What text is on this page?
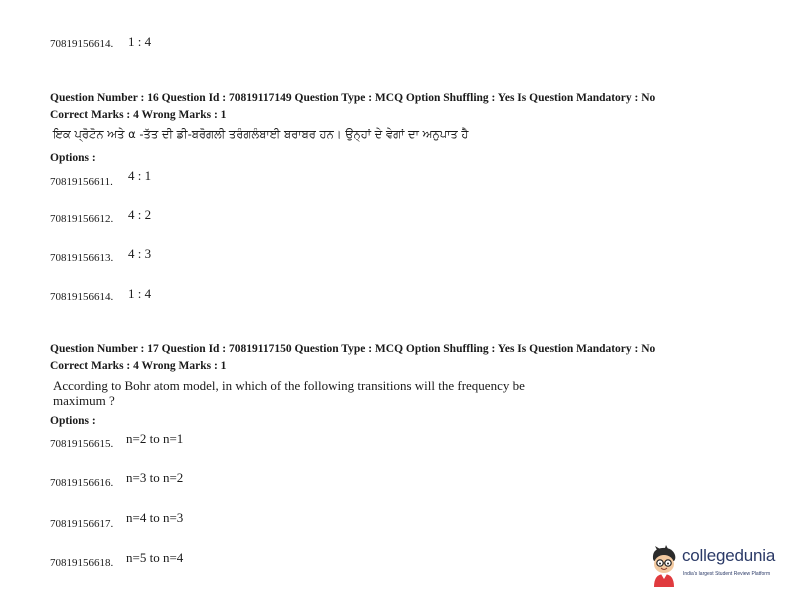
70819156614. 1 : 4
Question Number : 16 Question Id : 70819117149 Question Type : MCQ Option Shuffling : Yes Is Question Mandatory : No
Correct Marks : 4 Wrong Marks : 1
ਇਕ ਪ੍ਰੋਟੋਨ ਅਤੇ α -ਤੱਤ ਦੀ ਡੀ-ਬਰੋਗਲੀ ਤਰੰਗਲੰਬਾਈ ਬਰਾਬਰ ਹਨ। ਉਨ੍ਹਾਂ ਦੇ ਵੇਗਾਂ ਦਾ ਅਨੁਪਾਤ ਹੈ
Options :
70819156611. 4 : 1
70819156612. 4 : 2
70819156613. 4 : 3
70819156614. 1 : 4
Question Number : 17 Question Id : 70819117150 Question Type : MCQ Option Shuffling : Yes Is Question Mandatory : No
Correct Marks : 4 Wrong Marks : 1
According to Bohr atom model, in which of the following transitions will the frequency be
maximum ?
Options :
70819156615. n=2 to n=1
70819156616. n=3 to n=2
70819156617. n=4 to n=3
70819156618. n=5 to n=4	collegedunia
India's largest Student Review Platform
